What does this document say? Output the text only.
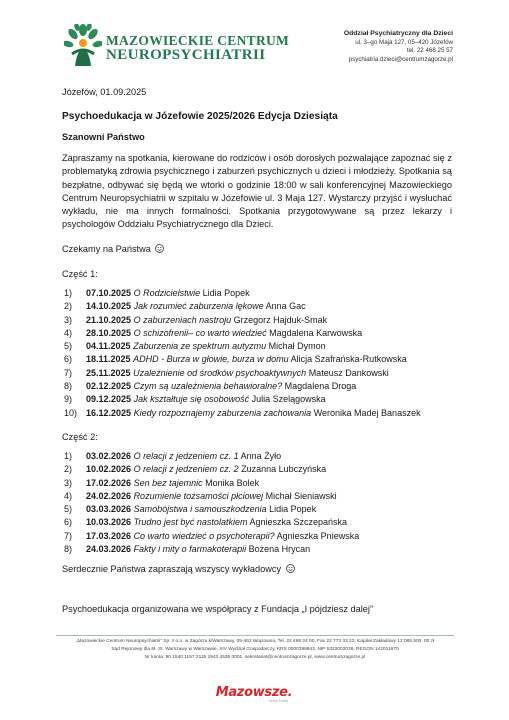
MAZOWIECKIE CENTRUM
NEUROPSYCHIATRII
Oddział Psychiatryczny dla Dzieci
ul. 3–go Maja 127, 05–420 Józefów
tel. 22 468 25 57
psychiatria.dzieci@centrumzagorze.pl
Józefów, 01.09.2025
Psychoedukacja w Józefowie 2025/2026 Edycja Dziesiąta
Szanowni Państwo
Zapraszamy na spotkania, kierowane do rodziców i osób dorosłych pozwalające zapoznać się z problematyką zdrowia psychicznego i zaburzeń psychicznych u dzieci i młodzieży. Spotkania są bezpłatne, odbywać się będą we wtorki o godzinie 18:00 w sali konferencyjnej Mazowieckiego Centrum Neuropsychiatrii w szpitalu w Józefowie ul. 3 Maja 127. Wystarczy przyjść i wysłuchać wykładu, nie ma innych formalności. Spotkania przygotowywane są przez lekarzy i psychologów Oddziału Psychiatrycznego dla Dzieci.
Czekamy na Państwa
Część 1:
1) 07.10.2025 O Rodzicielstwie Lidia Popek
2) 14.10.2025 Jak rozumieć zaburzenia lękowe Anna Gac
3) 21.10.2025 O zaburzeniach nastroju Grzegorz Hajduk-Smak
4) 28.10.2025 O schizofrenii– co warto wiedzieć Magdalena Karwowska
5) 04.11.2025 Zaburzenia ze spektrum autyzmu Michał Dymon
6) 18.11.2025 ADHD - Burza w głowie, burza w domu Alicja Szafrańska-Rutkowska
7) 25.11.2025 Uzależnienie od środków psychoaktywnych Mateusz Dankowski
8) 02.12.2025 Czym są uzależnienia behawioralne? Magdalena Droga
9) 09.12.2025 Jak kształtuje się osobowość Julia Szelągowska
10) 16.12.2025 Kiedy rozpoznajemy zaburzenia zachowania Weronika Madej Banaszek
Część 2:
1) 03.02.2026 O relacji z jedzeniem cz. 1 Anna Żyło
2) 10.02.2026 O relacji z jedzeniem cz. 2 Zuzanna Lubczyńska
3) 17.02.2026 Sen bez tajemnic Monika Bolek
4) 24.02.2026 Rozumienie tożsamości płciowej Michał Sieniawski
5) 03.03.2026 Samobójstwa i samouszkodzenia Lidia Popek
6) 10.03.2026 Trudno jest być nastolatkiem Agnieszka Szczepańska
7) 17.03.2026 Co warto wiedzieć o psychoterapii? Agnieszka Pniewska
8) 24.03.2026 Fakty i mity o farmakoterapii Bożena Hrycan
Serdecznie Państwa zapraszają wszyscy wykładowcy
Psychoedukacja organizowana we współpracy z Fundacja „I pójdziesz dalej”
„Mazowieckie Centrum Neuropsychiatrii” Sp. z o.o. w Zagórzu k/Warszawy, 05-462 Wiązowna, Tel. 22 468 24 00, Fax 22 773 33 23, Kapitał Zakładowy 12 085 500, 00 zł
Sąd Rejonowy dla M. St. Warszawy w Warszawie, XIV Wydział Gospodarczy, KRS 0000398643, NIP 5322002036, REGON 142011670
Nr konta: 90 1540 1157 2115 2943 4535 0001, sekretariat@centrumzagorze.pl, www.centrumzagorze.pl
Mazowsze.
serce Polski
